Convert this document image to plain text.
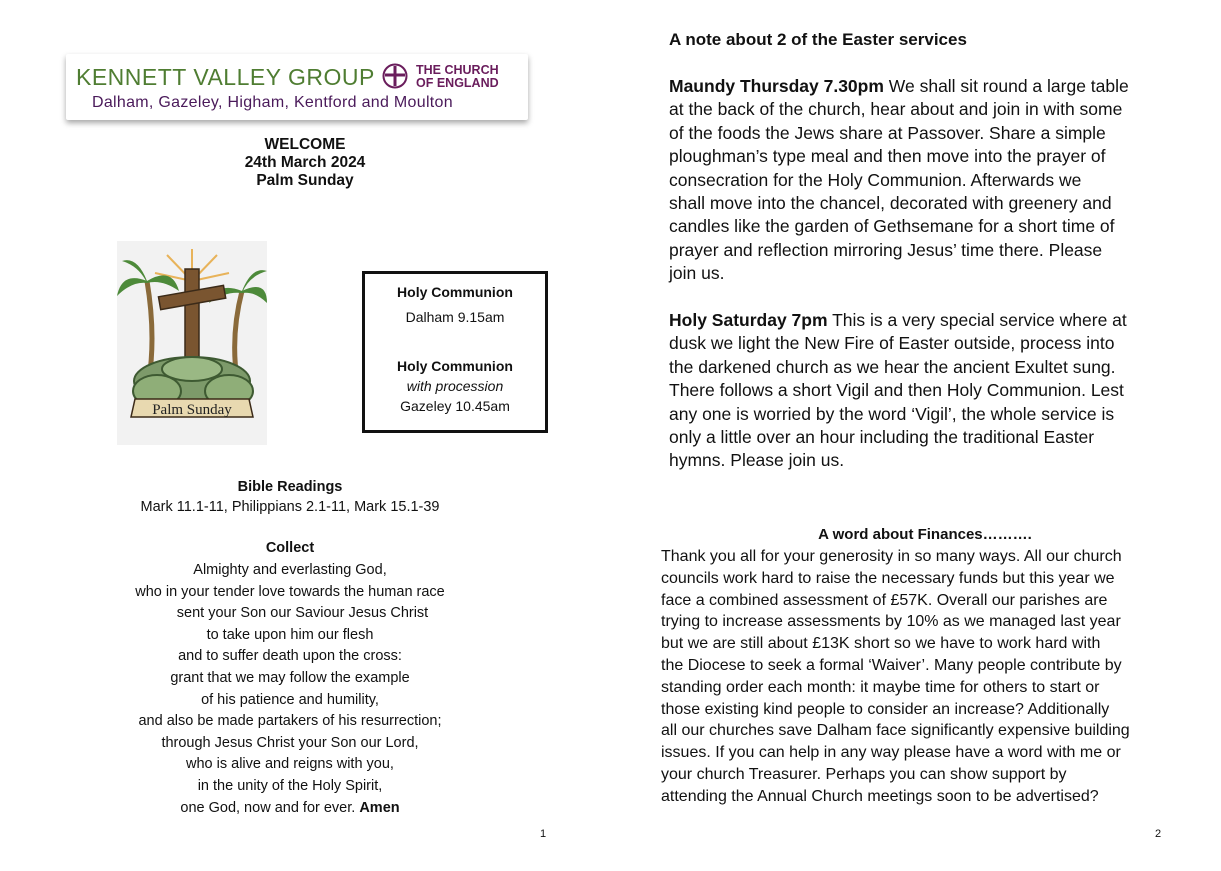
KENNETT VALLEY GROUP	THE CHURCH
OF ENGLAND
Dalham, Gazeley, Higham, Kentford and Moulton
WELCOME
24th March 2024
Palm Sunday
Palm Sunday
Holy Communion
Dalham 9.15am
Holy Communion
with procession
Gazeley 10.45am
Bible Readings
Mark 11.1-11, Philippians 2.1-11, Mark 15.1-39
Collect
Almighty and everlasting God,
who in your tender love towards the human race
sent your Son our Saviour Jesus Christ
to take upon him our flesh
and to suffer death upon the cross:
grant that we may follow the example
of his patience and humility,
and also be made partakers of his resurrection;
through Jesus Christ your Son our Lord,
who is alive and reigns with you,
in the unity of the Holy Spirit,
one God, now and for ever. Amen
1
A note about 2 of the Easter services
Maundy Thursday 7.30pm We shall sit round a large table
at the back of the church, hear about and join in with some
of the foods the Jews share at Passover. Share a simple
ploughman’s type meal and then move into the prayer of
consecration for the Holy Communion. Afterwards we
shall move into the chancel, decorated with greenery and
candles like the garden of Gethsemane for a short time of
prayer and reflection mirroring Jesus’ time there. Please
join us.
Holy Saturday 7pm This is a very special service where at
dusk we light the New Fire of Easter outside, process into
the darkened church as we hear the ancient Exultet sung.
There follows a short Vigil and then Holy Communion. Lest
any one is worried by the word ‘Vigil’, the whole service is
only a little over an hour including the traditional Easter
hymns. Please join us.
A word about Finances……….
Thank you all for your generosity in so many ways. All our church
councils work hard to raise the necessary funds but this year we
face a combined assessment of £57K. Overall our parishes are
trying to increase assessments by 10% as we managed last year
but we are still about £13K short so we have to work hard with
the Diocese to seek a formal ‘Waiver’. Many people contribute by
standing order each month: it maybe time for others to start or
those existing kind people to consider an increase? Additionally
all our churches save Dalham face significantly expensive building
issues. If you can help in any way please have a word with me or
your church Treasurer. Perhaps you can show support by
attending the Annual Church meetings soon to be advertised?
2
